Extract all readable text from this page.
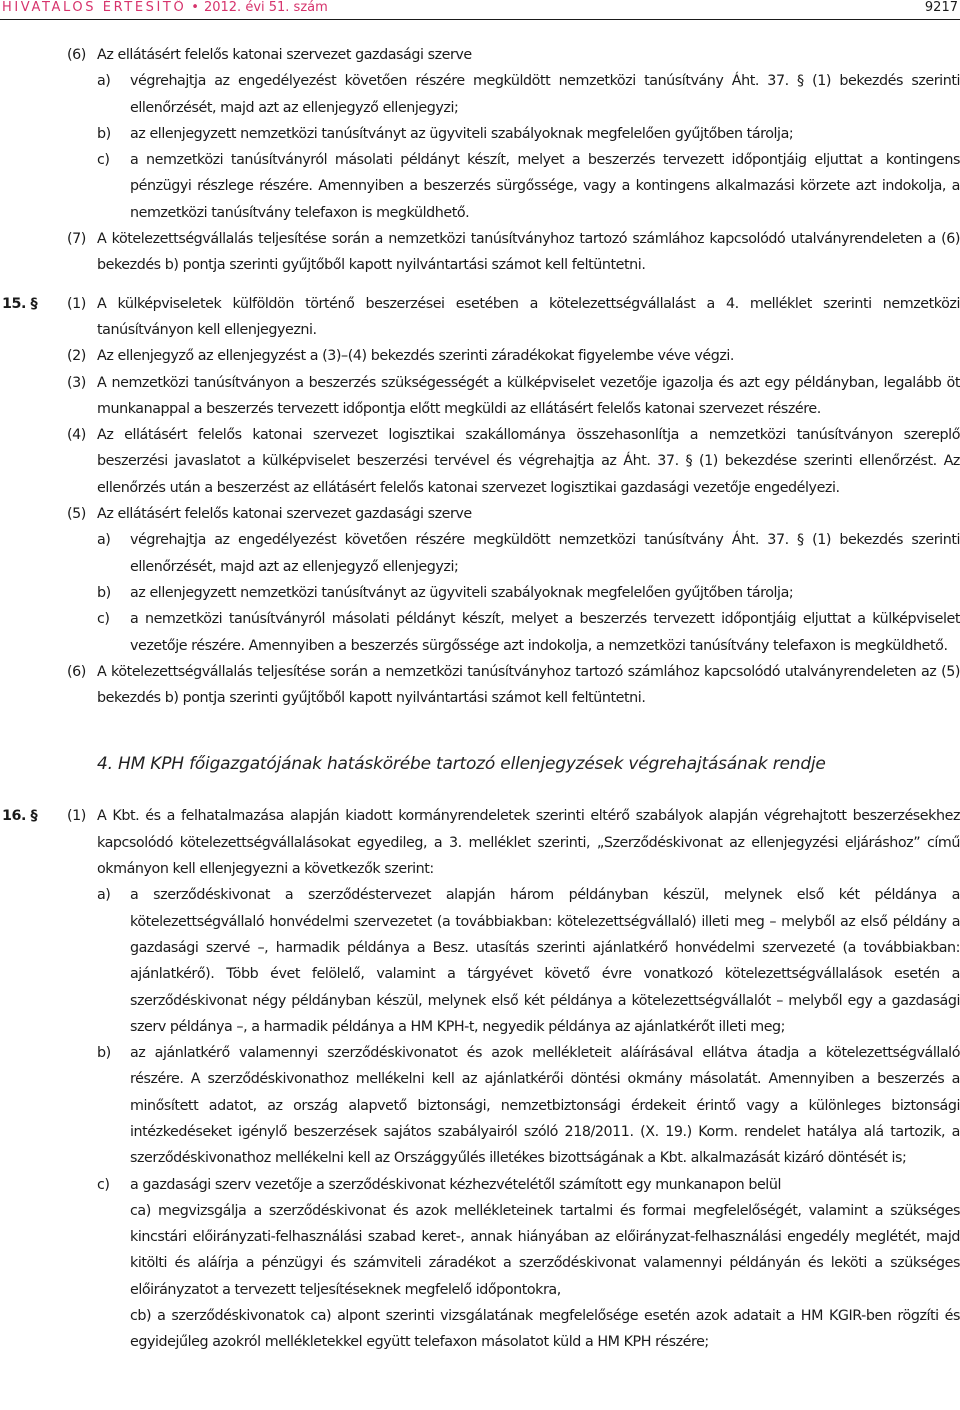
HIVATALOS ÉRTESÍTŐ • 2012. évi 51. szám	9217
(6) Az ellátásért felelős katonai szervezet gazdasági szerve
a) végrehajtja az engedélyezést követően részére megküldött nemzetközi tanúsítvány Áht. 37. § (1) bekezdés szerinti ellenőrzését, majd azt az ellenjegyző ellenjegyzi;
b) az ellenjegyzett nemzetközi tanúsítványt az ügyviteli szabályoknak megfelelően gyűjtőben tárolja;
c) a nemzetközi tanúsítványról másolati példányt készít, melyet a beszerzés tervezett időpontjáig eljuttat a kontingens pénzügyi részlege részére. Amennyiben a beszerzés sürgőssége, vagy a kontingens alkalmazási körzete azt indokolja, a nemzetközi tanúsítvány telefaxon is megküldhető.
(7) A kötelezettségvállalás teljesítése során a nemzetközi tanúsítványhoz tartozó számlához kapcsolódó utalványrendeleten a (6) bekezdés b) pontja szerinti gyűjtőből kapott nyilvántartási számot kell feltüntetni.
15. § (1) A külképviseletek külföldön történő beszerzései esetében a kötelezettségvállalást a 4. melléklet szerinti nemzetközi tanúsítványon kell ellenjegyezni.
(2) Az ellenjegyző az ellenjegyzést a (3)–(4) bekezdés szerinti záradékokat figyelembe véve végzi.
(3) A nemzetközi tanúsítványon a beszerzés szükségességét a külképviselet vezetője igazolja és azt egy példányban, legalább öt munkanappal a beszerzés tervezett időpontja előtt megküldi az ellátásért felelős katonai szervezet részére.
(4) Az ellátásért felelős katonai szervezet logisztikai szakállománya összehasonlítja a nemzetközi tanúsítványon szereplő beszerzési javaslatot a külképviselet beszerzési tervével és végrehajtja az Áht. 37. § (1) bekezdése szerinti ellenőrzést. Az ellenőrzés után a beszerzést az ellátásért felelős katonai szervezet logisztikai gazdasági vezetője engedélyezi.
(5) Az ellátásért felelős katonai szervezet gazdasági szerve
a) végrehajtja az engedélyezést követően részére megküldött nemzetközi tanúsítvány Áht. 37. § (1) bekezdés szerinti ellenőrzését, majd azt az ellenjegyző ellenjegyzi;
b) az ellenjegyzett nemzetközi tanúsítványt az ügyviteli szabályoknak megfelelően gyűjtőben tárolja;
c) a nemzetközi tanúsítványról másolati példányt készít, melyet a beszerzés tervezett időpontjáig eljuttat a külképviselet vezetője részére. Amennyiben a beszerzés sürgőssége azt indokolja, a nemzetközi tanúsítvány telefaxon is megküldhető.
(6) A kötelezettségvállalás teljesítése során a nemzetközi tanúsítványhoz tartozó számlához kapcsolódó utalványrendeleten az (5) bekezdés b) pontja szerinti gyűjtőből kapott nyilvántartási számot kell feltüntetni.
4. HM KPH főigazgatójának hatáskörébe tartozó ellenjegyzések végrehajtásának rendje
16. § (1) A Kbt. és a felhatalmazása alapján kiadott kormányrendeletek szerinti eltérő szabályok alapján végrehajtott beszerzésekhez kapcsolódó kötelezettségvállalásokat egyedileg, a 3. melléklet szerinti, „Szerződéskivonat az ellenjegyzési eljáráshoz” című okmányon kell ellenjegyezni a következők szerint:
a) a szerződéskivonat a szerződéstervezet alapján három példányban készül, melynek első két példánya a kötelezettségvállaló honvédelmi szervezetet (a továbbiakban: kötelezettségvállaló) illeti meg – melyből az első példány a gazdasági szervé –, harmadik példánya a Besz. utasítás szerinti ajánlatkérő honvédelmi szervezeté (a továbbiakban: ajánlatkérő). Több évet felölelő, valamint a tárgyévet követő évre vonatkozó kötelezettségvállalások esetén a szerződéskivonat négy példányban készül, melynek első két példánya a kötelezettségvállalót – melyből egy a gazdasági szerv példánya –, a harmadik példánya a HM KPH-t, negyedik példánya az ajánlatkérőt illeti meg;
b) az ajánlatkérő valamennyi szerződéskivonatot és azok mellékleteit aláírásával ellátva átadja a kötelezettségvállaló részére. A szerződéskivonathoz mellékelni kell az ajánlatkérői döntési okmány másolatát. Amennyiben a beszerzés a minősített adatot, az ország alapvető biztonsági, nemzetbiztonsági érdekeit érintő vagy a különleges biztonsági intézkedéseket igénylő beszerzések sajátos szabályairól szóló 218/2011. (X. 19.) Korm. rendelet hatálya alá tartozik, a szerződéskivonathoz mellékelni kell az Országgyűlés illetékes bizottságának a Kbt. alkalmazását kizáró döntését is;
c) a gazdasági szerv vezetője a szerződéskivonat kézhezvételétől számított egy munkanapon belül
ca) megvizsgálja a szerződéskivonat és azok mellékleteinek tartalmi és formai megfelelőségét, valamint a szükséges kincstári előirányzati-felhasználási szabad keret-, annak hiányában az előirányzat-felhasználási engedély meglétét, majd kitölti és aláírja a pénzügyi és számviteli záradékot a szerződéskivonat valamennyi példányán és leköti a szükséges előirányzatot a tervezett teljesítéseknek megfelelő időpontokra,
cb) a szerződéskivonatok ca) alpont szerinti vizsgálatának megfelelősége esetén azok adatait a HM KGIR-ben rögzíti és egyidejűleg azokról mellékletekkel együtt telefaxon másolatot küld a HM KPH részére;
